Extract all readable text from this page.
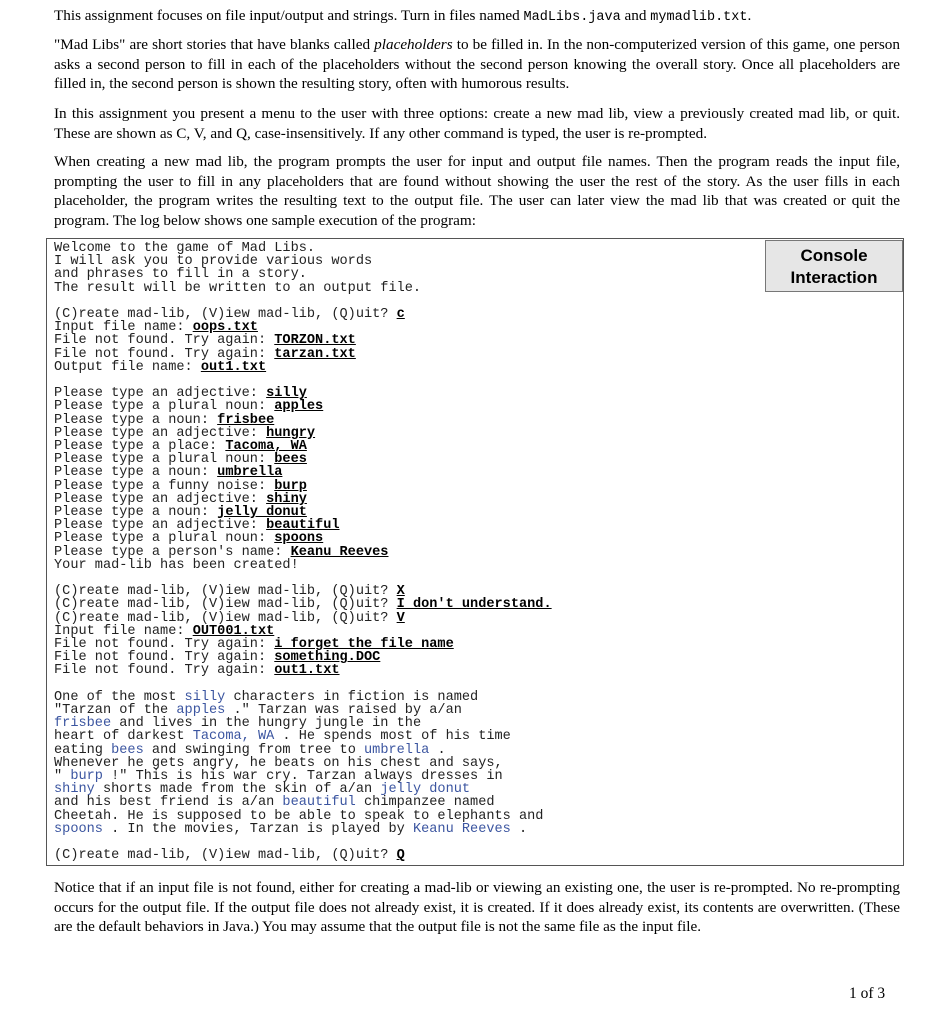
This assignment focuses on file input/output and strings. Turn in files named MadLibs.java and mymadlib.txt.
"Mad Libs" are short stories that have blanks called placeholders to be filled in. In the non-computerized version of this game, one person asks a second person to fill in each of the placeholders without the second person knowing the overall story. Once all placeholders are filled in, the second person is shown the resulting story, often with humorous results.
In this assignment you present a menu to the user with three options: create a new mad lib, view a previously created mad lib, or quit. These are shown as C, V, and Q, case-insensitively. If any other command is typed, the user is re-prompted.
When creating a new mad lib, the program prompts the user for input and output file names. Then the program reads the input file, prompting the user to fill in any placeholders that are found without showing the user the rest of the story. As the user fills in each placeholder, the program writes the resulting text to the output file. The user can later view the mad lib that was created or quit the program. The log below shows one sample execution of the program:
Console
Interaction
Welcome to the game of Mad Libs.
I will ask you to provide various words
and phrases to fill in a story.
The result will be written to an output file.

(C)reate mad-lib, (V)iew mad-lib, (Q)uit? c
Input file name: oops.txt
File not found. Try again: TORZON.txt
File not found. Try again: tarzan.txt
Output file name: out1.txt

Please type an adjective: silly
Please type a plural noun: apples
Please type a noun: frisbee
Please type an adjective: hungry
Please type a place: Tacoma, WA
Please type a plural noun: bees
Please type a noun: umbrella
Please type a funny noise: burp
Please type an adjective: shiny
Please type a noun: jelly donut
Please type an adjective: beautiful
Please type a plural noun: spoons
Please type a person's name: Keanu Reeves
Your mad-lib has been created!

(C)reate mad-lib, (V)iew mad-lib, (Q)uit? X
(C)reate mad-lib, (V)iew mad-lib, (Q)uit? I don't understand.
(C)reate mad-lib, (V)iew mad-lib, (Q)uit? V
Input file name: OUT001.txt
File not found. Try again: i forget the file name
File not found. Try again: something.DOC
File not found. Try again: out1.txt

One of the most silly characters in fiction is named
"Tarzan of the apples ." Tarzan was raised by a/an
frisbee and lives in the hungry jungle in the
heart of darkest Tacoma, WA . He spends most of his time
eating bees and swinging from tree to umbrella .
Whenever he gets angry, he beats on his chest and says,
" burp !" This is his war cry. Tarzan always dresses in
shiny shorts made from the skin of a/an jelly donut
and his best friend is a/an beautiful chimpanzee named
Cheetah. He is supposed to be able to speak to elephants and
spoons . In the movies, Tarzan is played by Keanu Reeves .

(C)reate mad-lib, (V)iew mad-lib, (Q)uit? Q
Notice that if an input file is not found, either for creating a mad-lib or viewing an existing one, the user is re-prompted. No re-prompting occurs for the output file. If the output file does not already exist, it is created. If it does already exist, its contents are overwritten. (These are the default behaviors in Java.) You may assume that the output file is not the same file as the input file.
1 of 3
